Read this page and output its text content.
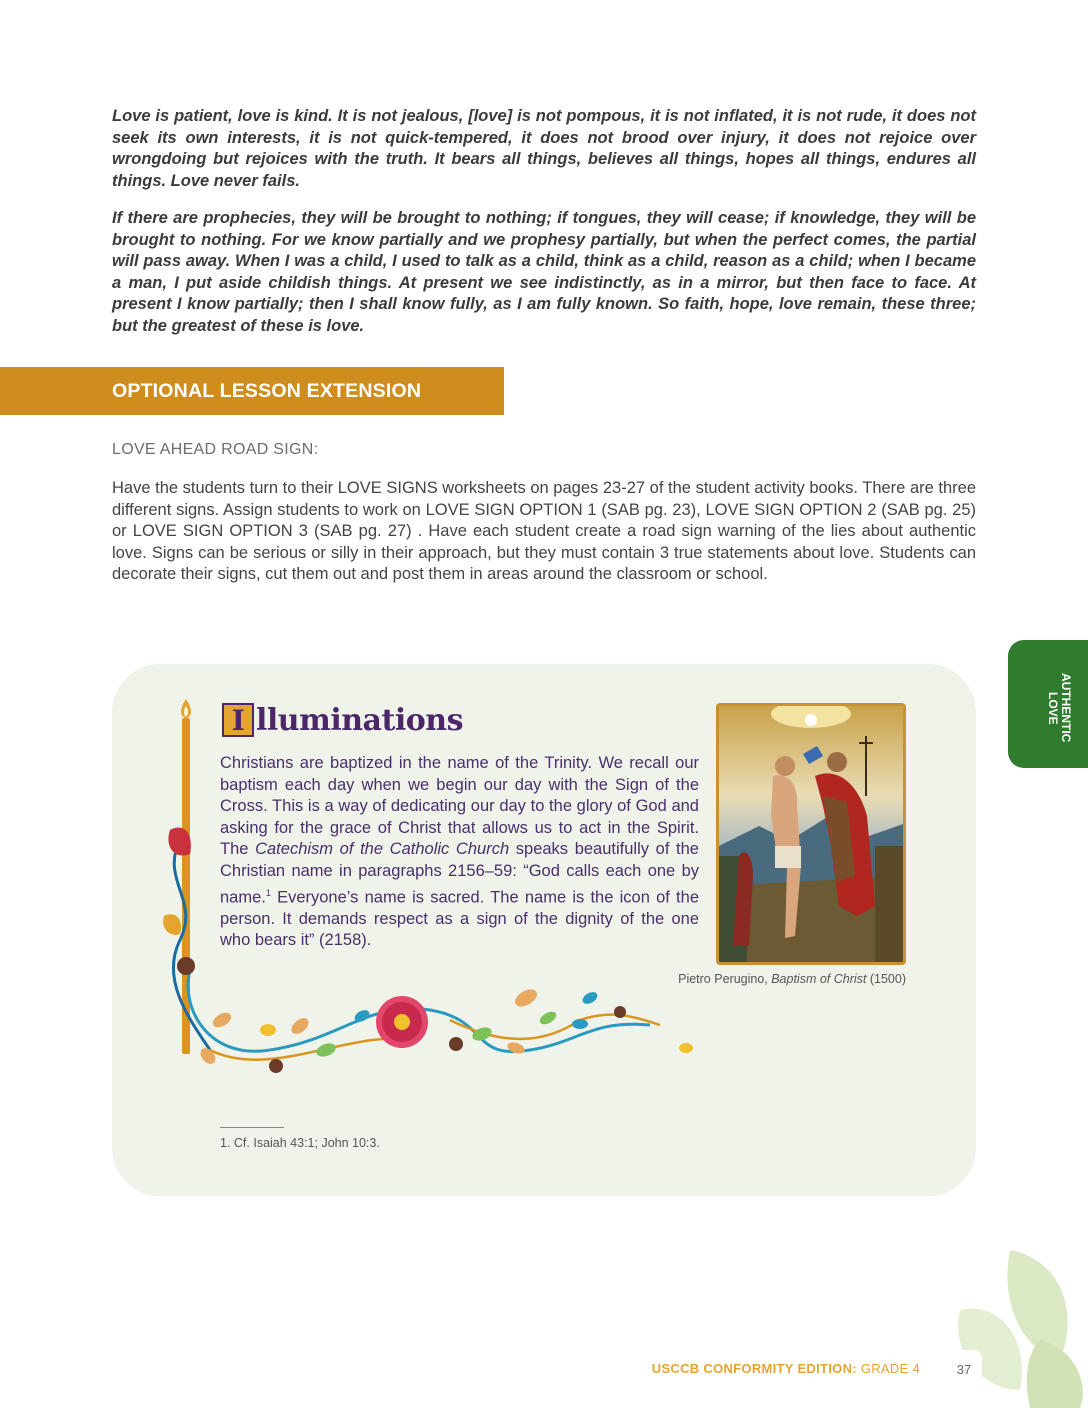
Love is patient, love is kind. It is not jealous, [love] is not pompous, it is not inflated, it is not rude, it does not seek its own interests, it is not quick-tempered, it does not brood over injury, it does not rejoice over wrongdoing but rejoices with the truth. It bears all things, believes all things, hopes all things, endures all things. Love never fails.

If there are prophecies, they will be brought to nothing; if tongues, they will cease; if knowledge, they will be brought to nothing. For we know partially and we prophesy partially, but when the perfect comes, the partial will pass away. When I was a child, I used to talk as a child, think as a child, reason as a child; when I became a man, I put aside childish things. At present we see indistinctly, as in a mirror, but then face to face. At present I know partially; then I shall know fully, as I am fully known. So faith, hope, love remain, these three; but the greatest of these is love.

OPTIONAL LESSON EXTENSION
LOVE AHEAD ROAD SIGN:

Have the students turn to their LOVE SIGNS worksheets on pages 23-27 of the student activity books. There are three different signs. Assign students to work on LOVE SIGN OPTION 1 (SAB pg. 23), LOVE SIGN OPTION 2 (SAB pg. 25) or LOVE SIGN OPTION 3 (SAB pg. 27) . Have each student create a road sign warning of the lies about authentic love. Signs can be serious or silly in their approach, but they must contain 3 true statements about love. Students can decorate their signs, cut them out and post them in areas around the classroom or school.

AUTHENTIC
LOVE
I lluminations

Christians are baptized in the name of the Trinity. We recall our baptism each day when we begin our day with the Sign of the Cross. This is a way of dedicating our day to the glory of God and asking for the grace of Christ that allows us to act in the Spirit. The Catechism of the Catholic Church speaks beautifully of the Christian name in paragraphs 2156–59: “God calls each one by name.$^1$ Everyone’s name is sacred. The name is the icon of the person. It demands respect as a sign of the dignity of the one who bears it” (2158).

Pietro Perugino, Baptism of Christ (1500)
1. Cf. Isaiah 43:1; John 10:3.
USCCB CONFORMITY EDITION: GRADE 4	37
